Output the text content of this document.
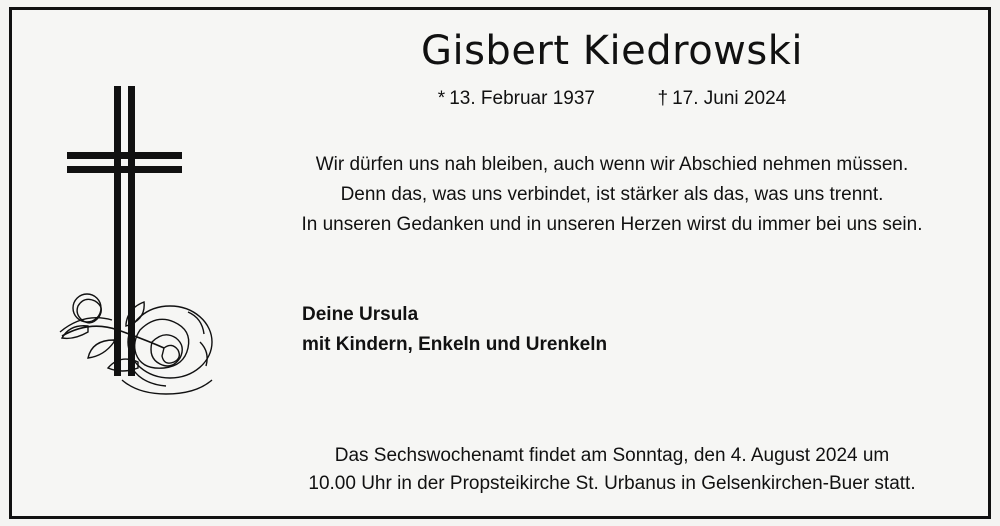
Gisbert Kiedrowski
* 13. Februar 1937	† 17. Juni 2024
Wir dürfen uns nah bleiben, auch wenn wir Abschied nehmen müssen.
Denn das, was uns verbindet, ist stärker als das, was uns trennt.
In unseren Gedanken und in unseren Herzen wirst du immer bei uns sein.
Deine Ursula
mit Kindern, Enkeln und Urenkeln
Das Sechswochenamt findet am Sonntag, den 4. August 2024 um
10.00 Uhr in der Propsteikirche St. Urbanus in Gelsenkirchen-Buer statt.
